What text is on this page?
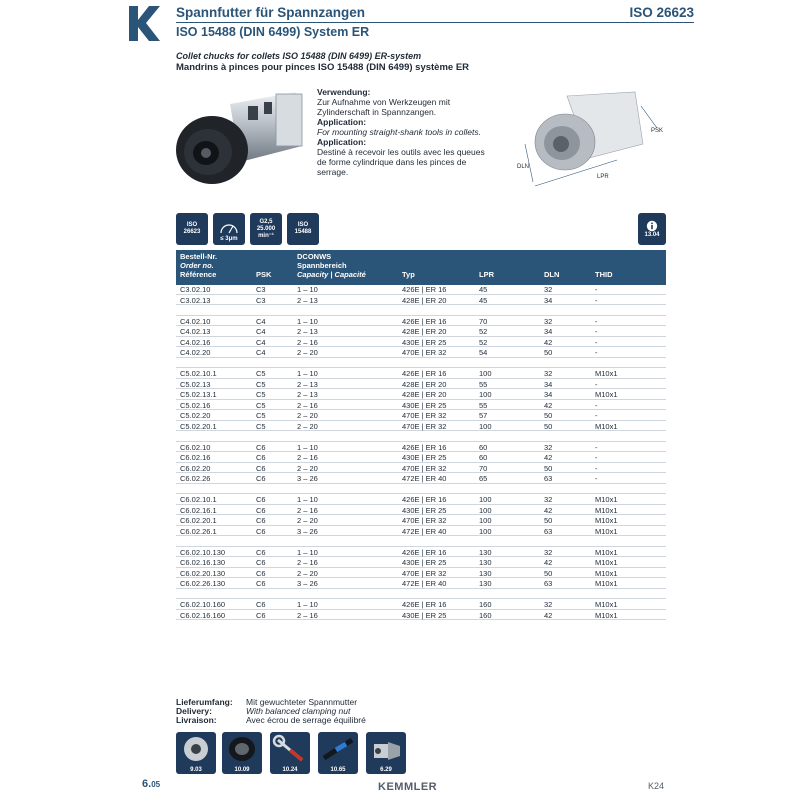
Spannfutter für Spannzangen	ISO 26623
ISO 15488 (DIN 6499) System ER
Collet chucks for collets ISO 15488 (DIN 6499) ER-system
Mandrins à pinces pour pinces ISO 15488 (DIN 6499) système ER
Verwendung:
Zur Aufnahme von Werkzeugen mit Zylinderschaft in Spannzangen.
Application:
For mounting straight-shank tools in collets.
Application:
Destiné à recevoir les outils avec les queues de forme cylindrique dans les pinces de serrage.
PSK
DLN
LPR
ISO
26623
≤ 3μm
G2,5
25.000
min⁻¹
ISO
15488	13.04
Bestell-Nr.
Order no.
Référence	PSK
DCONWS
Spannbereich
Capacity | Capacité	Typ	LPR	DLN	THID
C3.02.10	C3	1 – 10	426E | ER 16	45	32	-
C3.02.13	C3	2 – 13	428E | ER 20	45	34	-
C4.02.10	C4	1 – 10	426E | ER 16	70	32	-
C4.02.13	C4	2 – 13	428E | ER 20	52	34	-
C4.02.16	C4	2 – 16	430E | ER 25	52	42	-
C4.02.20	C4	2 – 20	470E | ER 32	54	50	-
C5.02.10.1	C5	1 – 10	426E | ER 16	100	32	M10x1
C5.02.13	C5	2 – 13	428E | ER 20	55	34	-
C5.02.13.1	C5	2 – 13	428E | ER 20	100	34	M10x1
C5.02.16	C5	2 – 16	430E | ER 25	55	42	-
C5.02.20	C5	2 – 20	470E | ER 32	57	50	-
C5.02.20.1	C5	2 – 20	470E | ER 32	100	50	M10x1
C6.02.10	C6	1 – 10	426E | ER 16	60	32	-
C6.02.16	C6	2 – 16	430E | ER 25	60	42	-
C6.02.20	C6	2 – 20	470E | ER 32	70	50	-
C6.02.26	C6	3 – 26	472E | ER 40	65	63	-
C6.02.10.1	C6	1 – 10	426E | ER 16	100	32	M10x1
C6.02.16.1	C6	2 – 16	430E | ER 25	100	42	M10x1
C6.02.20.1	C6	2 – 20	470E | ER 32	100	50	M10x1
C6.02.26.1	C6	3 – 26	472E | ER 40	100	63	M10x1
C6.02.10.130	C6	1 – 10	426E | ER 16	130	32	M10x1
C6.02.16.130	C6	2 – 16	430E | ER 25	130	42	M10x1
C6.02.20.130	C6	2 – 20	470E | ER 32	130	50	M10x1
C6.02.26.130	C6	3 – 26	472E | ER 40	130	63	M10x1
C6.02.10.160	C6	1 – 10	426E | ER 16	160	32	M10x1
C6.02.16.160	C6	2 – 16	430E | ER 25	160	42	M10x1
Lieferumfang: Mit gewuchteter Spannmutter
Delivery:	With balanced clamping nut
Livraison:	Avec écrou de serrage équilibré
9.03	10.09	10.24	10.65	6.29
6.05	KEMMLER	K24
